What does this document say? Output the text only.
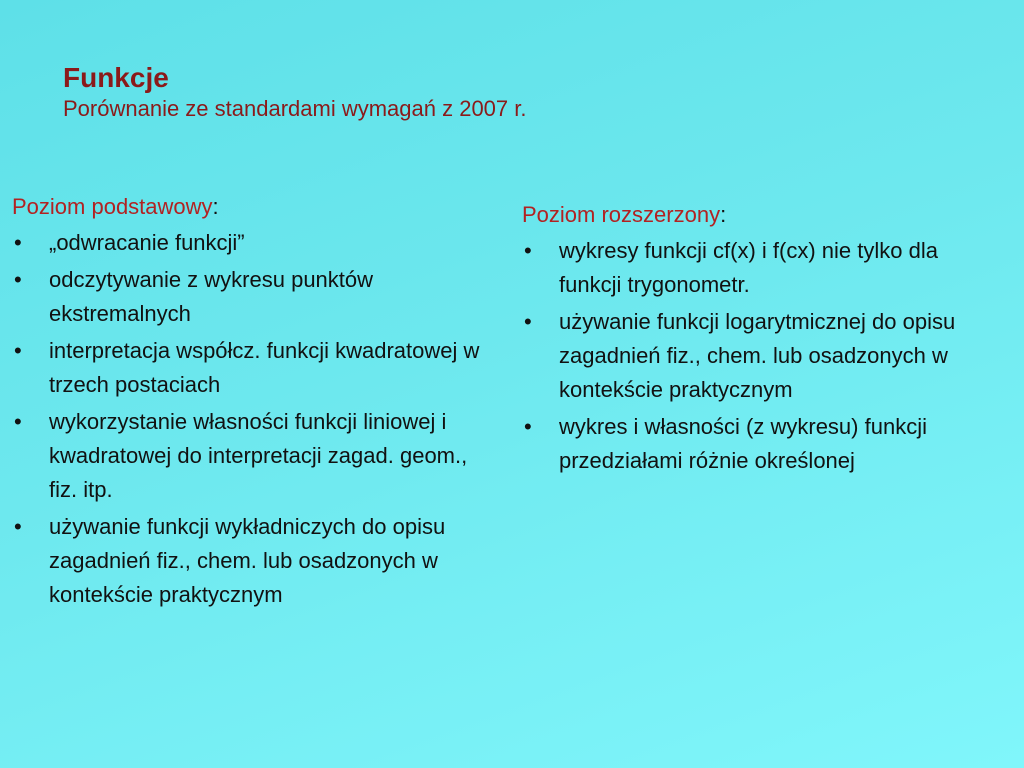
Funkcje
Porównanie ze standardami wymagań z 2007 r.
Poziom podstawowy:
• „odwracanie funkcji”
• odczytywanie z wykresu punktów ekstremalnych
• interpretacja współcz. funkcji kwadratowej w trzech postaciach
• wykorzystanie własności funkcji liniowej i kwadratowej do interpretacji zagad. geom., fiz. itp.
• używanie funkcji wykładniczych do opisu zagadnień fiz., chem. lub osadzonych w kontekście praktycznym
Poziom rozszerzony:
• wykresy funkcji cf(x) i f(cx) nie tylko dla funkcji trygonometr.
• używanie funkcji logarytmicznej do opisu zagadnień fiz., chem. lub osadzonych w kontekście praktycznym
• wykres i własności (z wykresu) funkcji przedziałami różnie określonej
